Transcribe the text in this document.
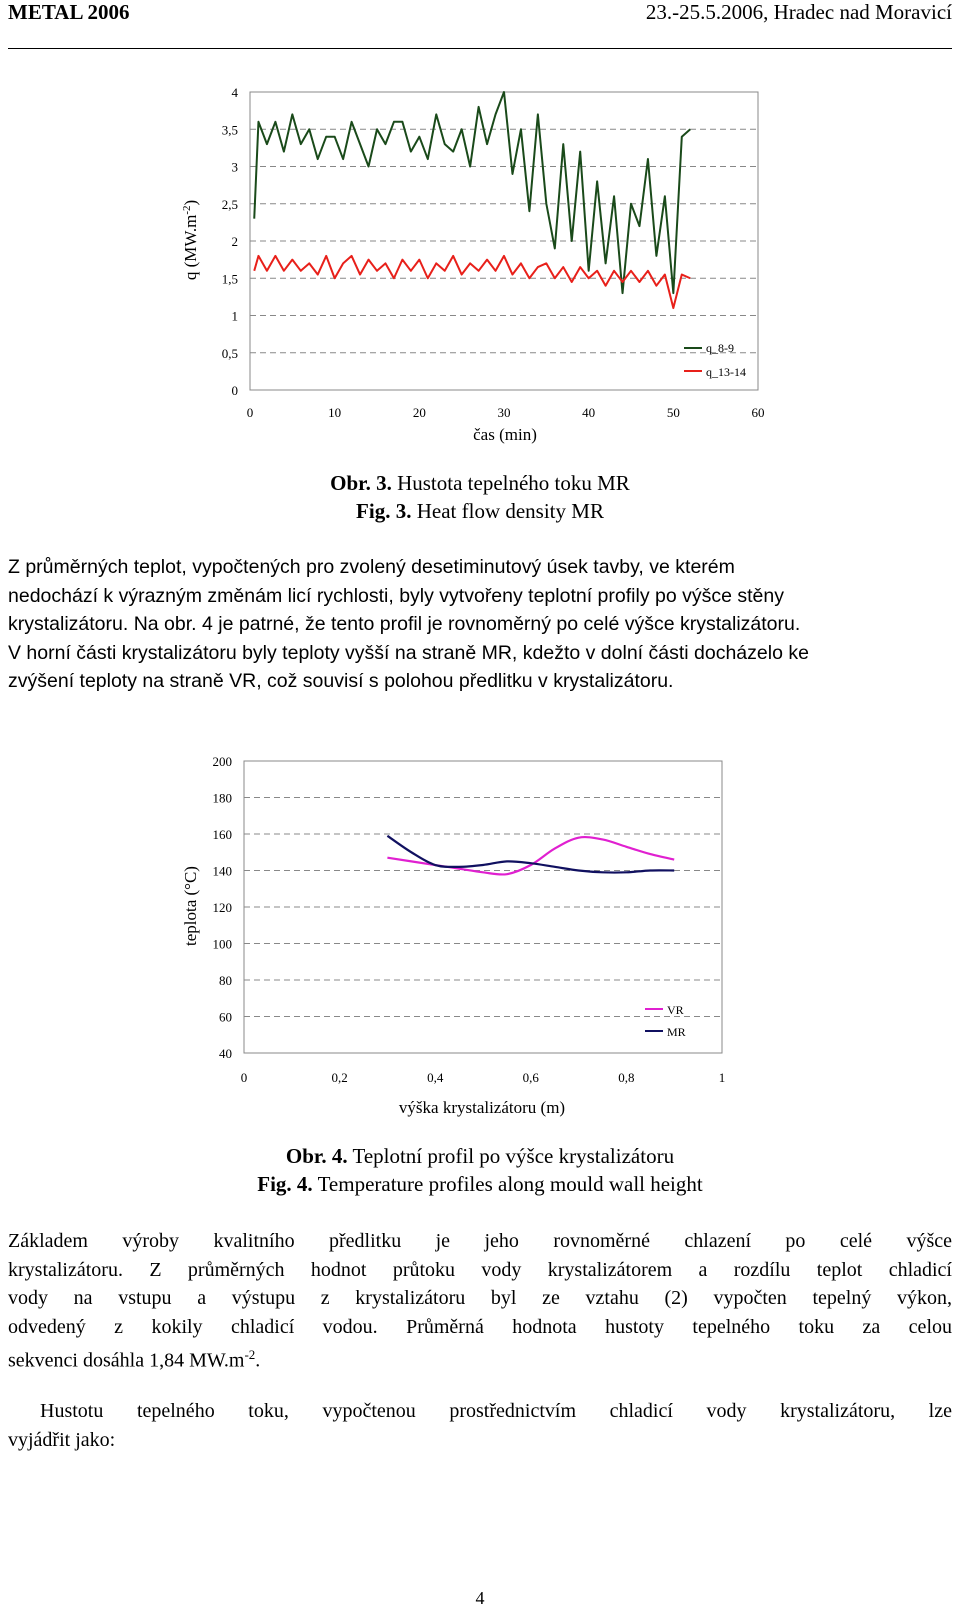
METAL 2006	23.-25.5.2006, Hradec nad Moravicí
0
0,5
1
1,5
2
2,5
3
3,5
4
0	10	20	30	40	50	60
q $(MW.m^{-2})$
čas (min)
q_8-9
q_13-14
Obr. 3. Hustota tepelného toku MR
Fig. 3. Heat flow density MR
Z průměrných teplot, vypočtených pro zvolený desetiminutový úsek tavby, ve kterém
nedochází k výrazným změnám licí rychlosti, byly vytvořeny teplotní profily po výšce stěny
krystalizátoru. Na obr. 4 je patrné, že tento profil je rovnoměrný po celé výšce krystalizátoru.
V horní části krystalizátoru byly teploty vyšší na straně MR, kdežto v dolní části docházelo ke
zvýšení teploty na straně VR, což souvisí s polohou předlitku v krystalizátoru.
40
60
80
100
120
140
160
180
200
0	0,2	0,4	0,6	0,8	1
teplota (°C)
výška krystalizátoru (m)
VR
MR
Obr. 4. Teplotní profil po výšce krystalizátoru
Fig. 4. Temperature profiles along mould wall height
Základem výroby kvalitního předlitku je jeho rovnoměrné chlazení po celé výšce
krystalizátoru. Z průměrných hodnot průtoku vody krystalizátorem a rozdílu teplot chladicí
vody na vstupu a výstupu z krystalizátoru byl ze vztahu (2) vypočten tepelný výkon,
odvedený z kokily chladicí vodou. Průměrná hodnota hustoty tepelného toku za celou
sekvenci dosáhla 1,84 $MW.m^{-2}$.
Hustotu tepelného toku, vypočtenou prostřednictvím chladicí vody krystalizátoru, lze
vyjádřit jako:
4
